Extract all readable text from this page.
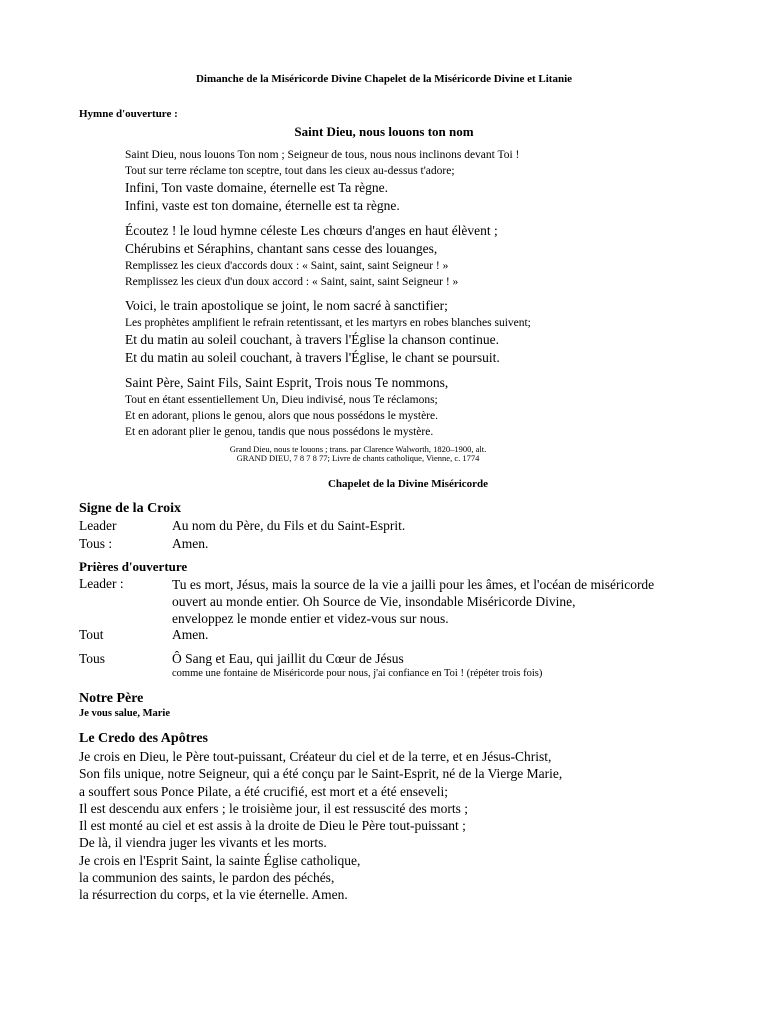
Dimanche de la Miséricorde Divine Chapelet de la Miséricorde Divine et Litanie
Hymne d'ouverture :
Saint Dieu, nous louons ton nom
Saint Dieu, nous louons Ton nom ; Seigneur de tous, nous nous inclinons devant Toi !
Tout sur terre réclame ton sceptre, tout dans les cieux au-dessus t'adore;
Infini, Ton vaste domaine, éternelle est Ta règne.
Infini, vaste est ton domaine, éternelle est ta règne.
Écoutez ! le loud hymne céleste Les chœurs d'anges en haut élèvent ;
Chérubins et Séraphins, chantant sans cesse des louanges,
Remplissez les cieux d'accords doux : « Saint, saint, saint Seigneur ! »
Remplissez les cieux d'un doux accord : « Saint, saint, saint Seigneur ! »
Voici, le train apostolique se joint, le nom sacré à sanctifier;
Les prophètes amplifient le refrain retentissant, et les martyrs en robes blanches suivent;
Et du matin au soleil couchant, à travers l'Église la chanson continue.
Et du matin au soleil couchant, à travers l'Église, le chant se poursuit.
Saint Père, Saint Fils, Saint Esprit, Trois nous Te nommons,
Tout en étant essentiellement Un, Dieu indivisé, nous Te réclamons;
Et en adorant, plions le genou, alors que nous possédons le mystère.
Et en adorant plier le genou, tandis que nous possédons le mystère.
Grand Dieu, nous te louons ; trans. par Clarence Walworth, 1820–1900, alt.
GRAND DIEU, 7 8 7 8 77; Livre de chants catholique, Vienne, c. 1774
Chapelet de la Divine Miséricorde
Signe de la Croix
Leader	Au nom du Père, du Fils et du Saint-Esprit.
Tous :	Amen.
Prières d'ouverture
Leader :	Tu es mort, Jésus, mais la source de la vie a jailli pour les âmes, et l'océan de miséricorde
ouvert au monde entier. Oh Source de Vie, insondable Miséricorde Divine,
enveloppez le monde entier et videz-vous sur nous.
Tout	Amen.
Tous	Ô Sang et Eau, qui jaillit du Cœur de Jésus
comme une fontaine de Miséricorde pour nous, j'ai confiance en Toi ! (répéter trois fois)
Notre Père
Je vous salue, Marie
Le Credo des Apôtres
Je crois en Dieu, le Père tout-puissant, Créateur du ciel et de la terre, et en Jésus-Christ,
Son fils unique, notre Seigneur, qui a été conçu par le Saint-Esprit, né de la Vierge Marie,
a souffert sous Ponce Pilate, a été crucifié, est mort et a été enseveli;
Il est descendu aux enfers ; le troisième jour, il est ressuscité des morts ;
Il est monté au ciel et est assis à la droite de Dieu le Père tout-puissant ;
De là, il viendra juger les vivants et les morts.
Je crois en l'Esprit Saint, la sainte Église catholique,
la communion des saints, le pardon des péchés,
la résurrection du corps, et la vie éternelle. Amen.
